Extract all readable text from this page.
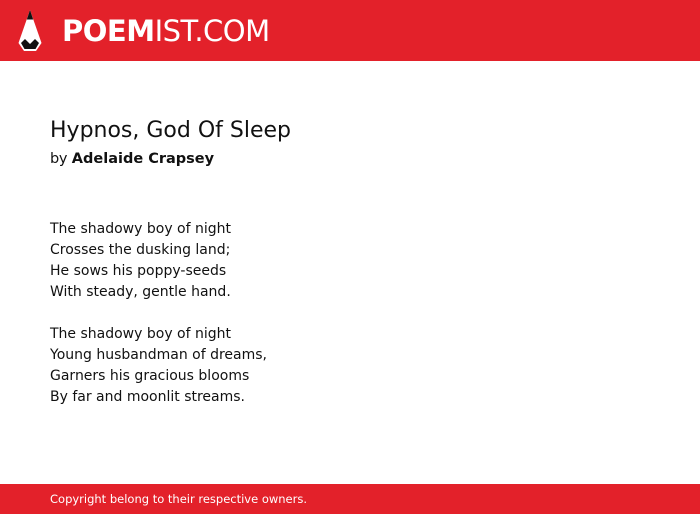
POEMIST.COM
Hypnos, God Of Sleep
by Adelaide Crapsey
The shadowy boy of night
Crosses the dusking land;
He sows his poppy-seeds
With steady, gentle hand.
The shadowy boy of night
Young husbandman of dreams,
Garners his gracious blooms
By far and moonlit streams.
Copyright belong to their respective owners.
